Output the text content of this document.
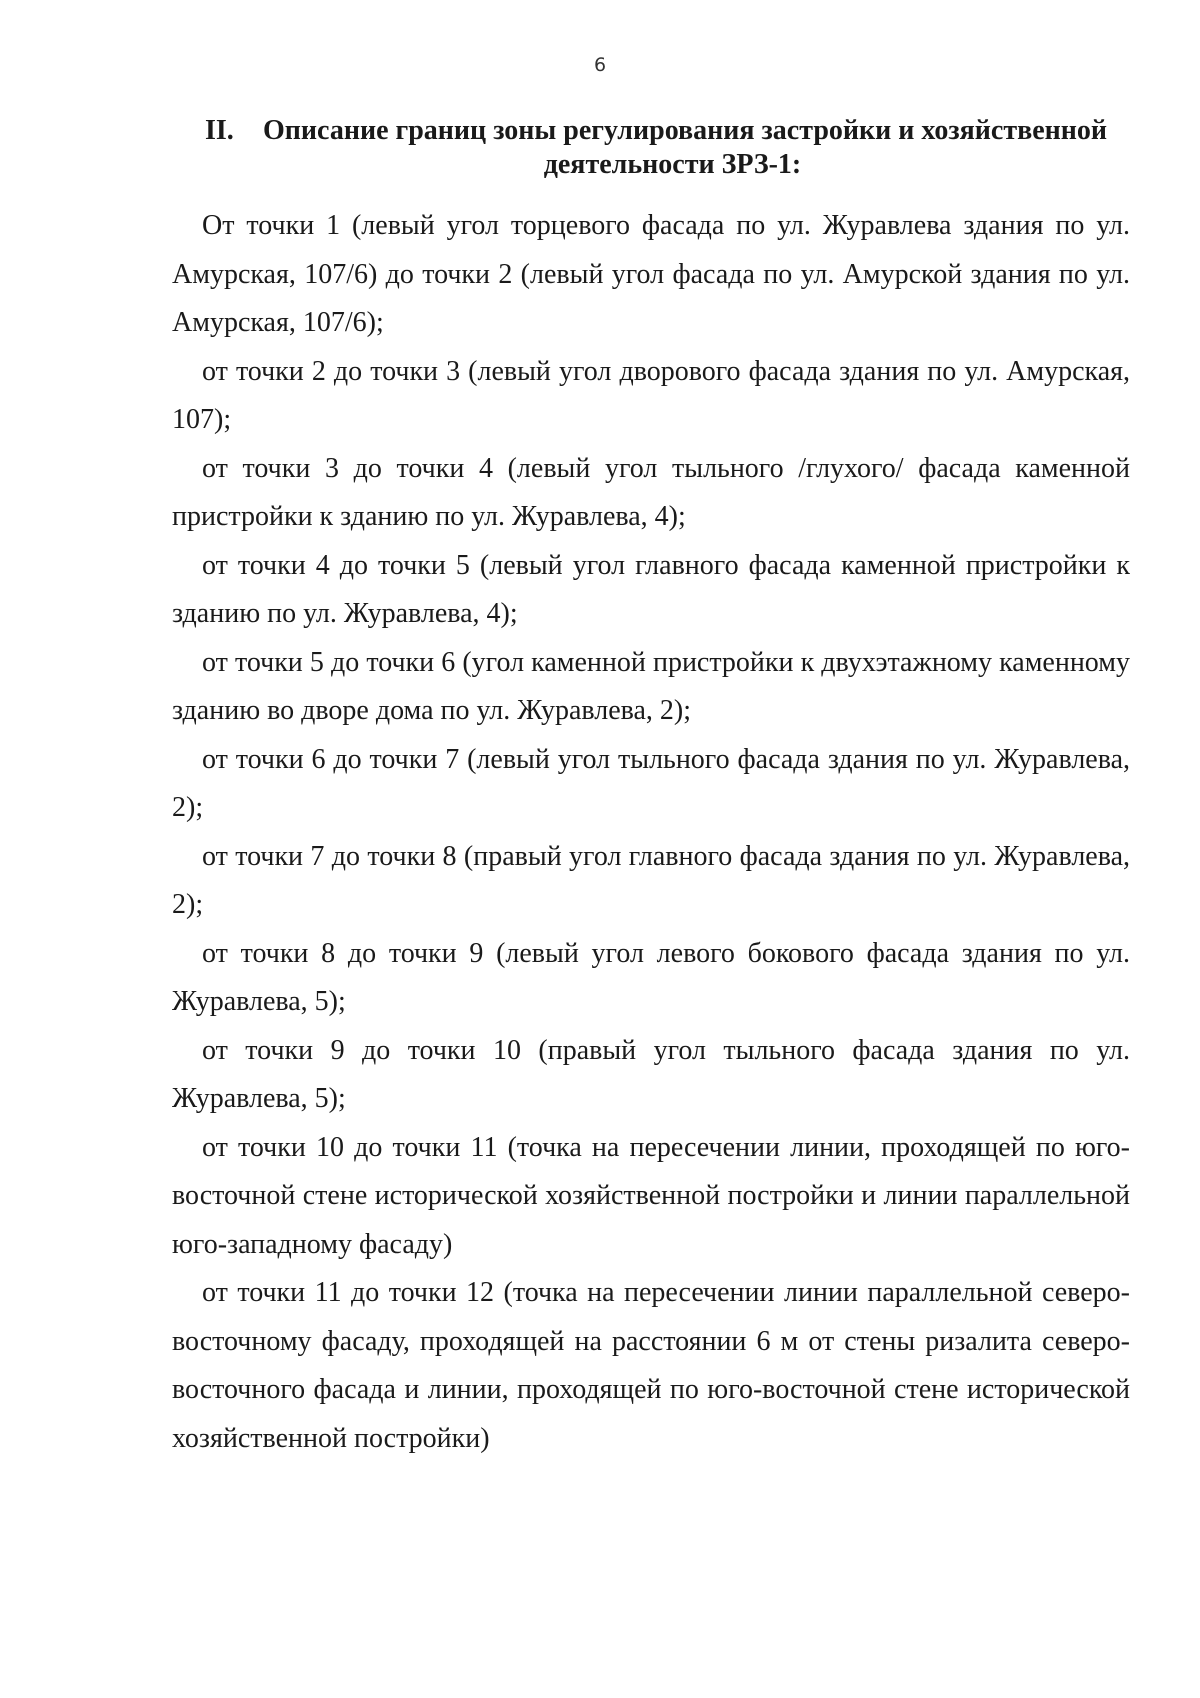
6
II.	Описание границ зоны регулирования застройки и хозяйственной
деятельности ЗРЗ-1:

От точки 1 (левый угол торцевого фасада по ул. Журавлева здания по ул. Амурская, 107/6) до точки 2 (левый угол фасада по ул. Амурской здания по ул. Амурская, 107/6);

от точки 2 до точки 3 (левый угол дворового фасада здания по ул. Амурская, 107);

от точки 3 до точки 4 (левый угол тыльного /глухого/ фасада каменной пристройки к зданию по ул. Журавлева, 4);

от точки 4 до точки 5 (левый угол главного фасада каменной пристройки к зданию по ул. Журавлева, 4);

от точки 5 до точки 6 (угол каменной пристройки к двухэтажному каменному зданию во дворе дома по ул. Журавлева, 2);

от точки 6 до точки 7 (левый угол тыльного фасада здания по ул. Журавлева, 2);

от точки 7 до точки 8 (правый угол главного фасада здания по ул. Журавлева, 2);

от точки 8 до точки 9 (левый угол левого бокового фасада здания по ул. Журавлева, 5);

от точки 9 до точки 10 (правый угол тыльного фасада здания по ул. Журавлева, 5);

от точки 10 до точки 11 (точка на пересечении линии, проходящей по юго-восточной стене исторической хозяйственной постройки и линии параллельной юго-западному фасаду)

от точки 11 до точки 12 (точка на пересечении линии параллельной северо-восточному фасаду, проходящей на расстоянии 6 м от стены ризалита северо-восточного фасада и линии, проходящей по юго-восточной стене исторической хозяйственной постройки)
